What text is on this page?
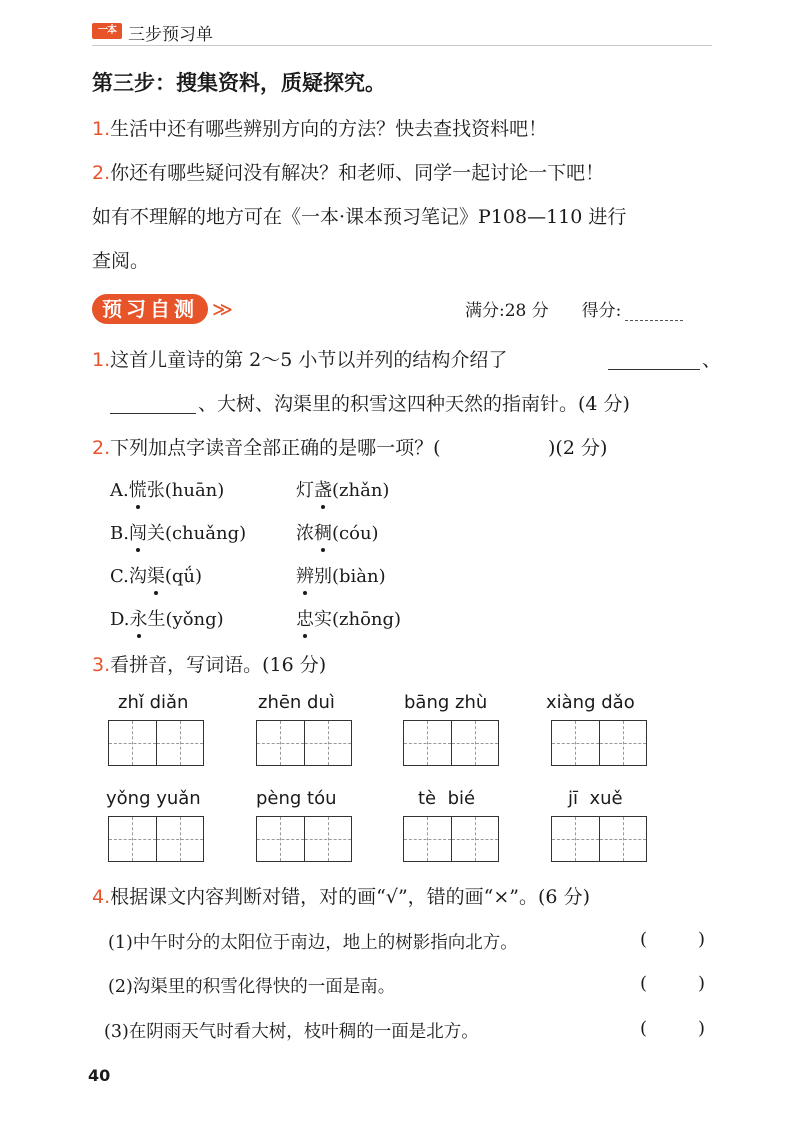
一本 三步预习单
第三步：搜集资料，质疑探究。
1.生活中还有哪些辨别方向的方法？快去查找资料吧！
2.你还有哪些疑问没有解决？和老师、同学一起讨论一下吧！
如有不理解的地方可在《一本·课本预习笔记》P108—110 进行
查阅。
预习自测 ≫	满分:28 分 得分:
1.这首儿童诗的第 2～5 小节以并列的结构介绍了	、
、大树、沟渠里的积雪这四种天然的指南针。(4 分)
2.下列加点字读音全部正确的是哪一项？(	)(2 分)
A.慌张(huān)	灯盏(zhǎn)
B.闯关(chuǎng)	浓稠(cóu)
C.沟渠(qǘ)	辨别(biàn)
D.永生(yǒng)	忠实(zhōng)
3.看拼音，写词语。(16 分)
zhǐ diǎn	zhēn duì	bāng zhù	xiàng dǎo
yǒng yuǎn	pèng tóu	tè  bié	jī  xuě
4.根据课文内容判断对错，对的画“√”，错的画“×”。(6 分)
(1)中午时分的太阳位于南边，地上的树影指向北方。	(	)
(2)沟渠里的积雪化得快的一面是南。	(	)
(3)在阴雨天气时看大树，枝叶稠的一面是北方。	(	)
40
